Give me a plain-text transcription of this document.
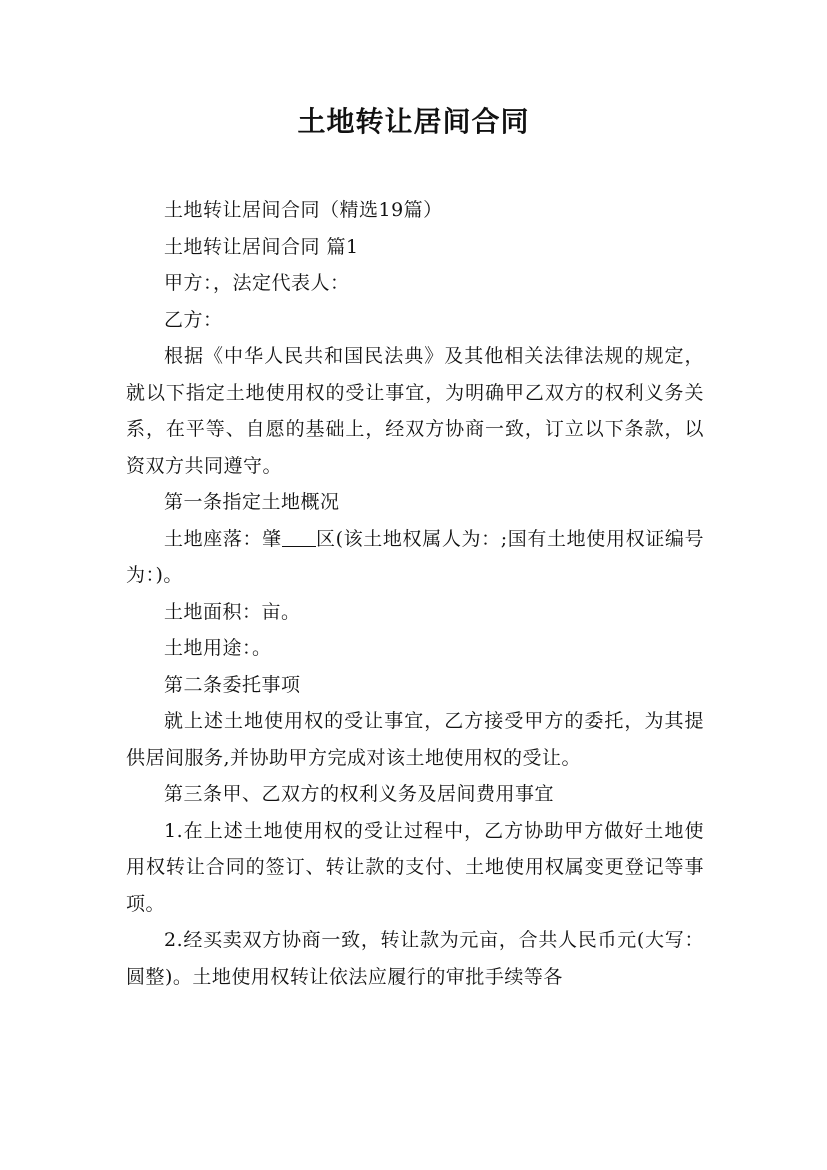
土地转让居间合同

土地转让居间合同（精选19篇）

土地转让居间合同 篇1

甲方：，法定代表人：

乙方：

根据《中华人民共和国民法典》及其他相关法律法规的规定，就以下指定土地使用权的受让事宜，为明确甲乙双方的权利义务关系，在平等、自愿的基础上，经双方协商一致，订立以下条款，以资双方共同遵守。

第一条指定土地概况

土地座落：肇 区(该土地权属人为：;国有土地使用权证编号为：)。

土地面积：亩。

土地用途：。

第二条委托事项

就上述土地使用权的受让事宜，乙方接受甲方的委托，为其提供居间服务,并协助甲方完成对该土地使用权的受让。

第三条甲、乙双方的权利义务及居间费用事宜

1.在上述土地使用权的受让过程中，乙方协助甲方做好土地使用权转让合同的签订、转让款的支付、土地使用权属变更登记等事项。

2.经买卖双方协商一致，转让款为元亩，合共人民币元(大写：圆整)。土地使用权转让依法应履行的审批手续等各
